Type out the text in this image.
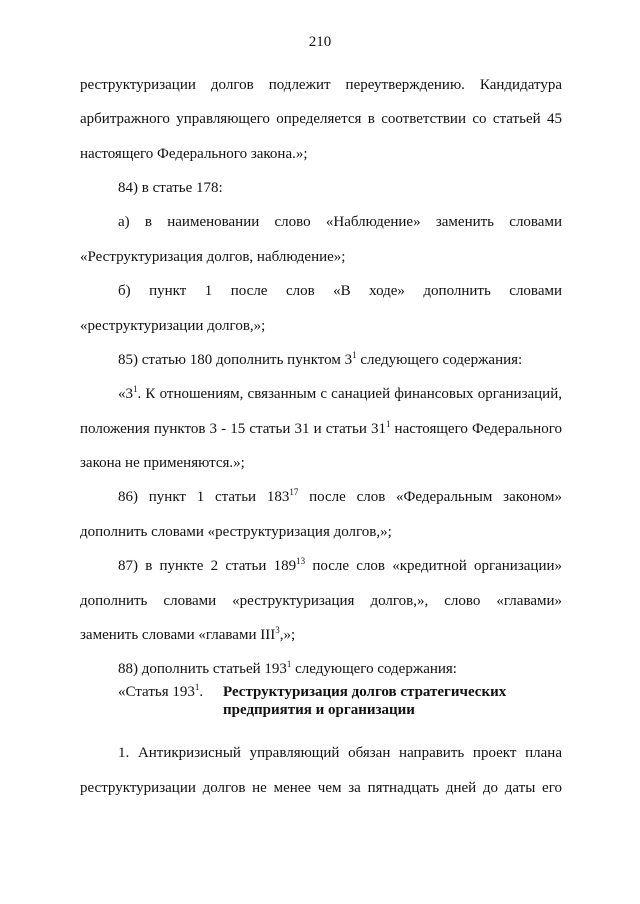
210
реструктуризации долгов подлежит переутверждению. Кандидатура
арбитражного управляющего определяется в соответствии со статьей 45
настоящего Федерального закона.»;
84) в статье 178:
а) в наименовании слово «Наблюдение» заменить словами
«Реструктуризация долгов, наблюдение»;
б) пункт 1 после слов «В ходе» дополнить словами
«реструктуризации долгов,»;
85) статью 180 дополнить пунктом $3^1$ следующего содержания:
«$3^1$. К отношениям, связанным с санацией финансовых организаций,
положения пунктов 3 - 15 статьи 31 и статьи $31^1$ настоящего Федерального
закона не применяются.»;
86) пункт 1 статьи $183^{17}$ после слов «Федеральным законом»
дополнить словами «реструктуризация долгов,»;
87) в пункте 2 статьи $189^{13}$ после слов «кредитной организации»
дополнить словами «реструктуризация долгов,», слово «главами»
заменить словами «главами III$^3$,»;
88) дополнить статьей $193^1$ следующего содержания:
1. Антикризисный управляющий обязан направить проект плана
реструктуризации долгов не менее чем за пятнадцать дней до даты его
«Статья $193^1$. Реструктуризация долгов стратегических предприятия и организации
